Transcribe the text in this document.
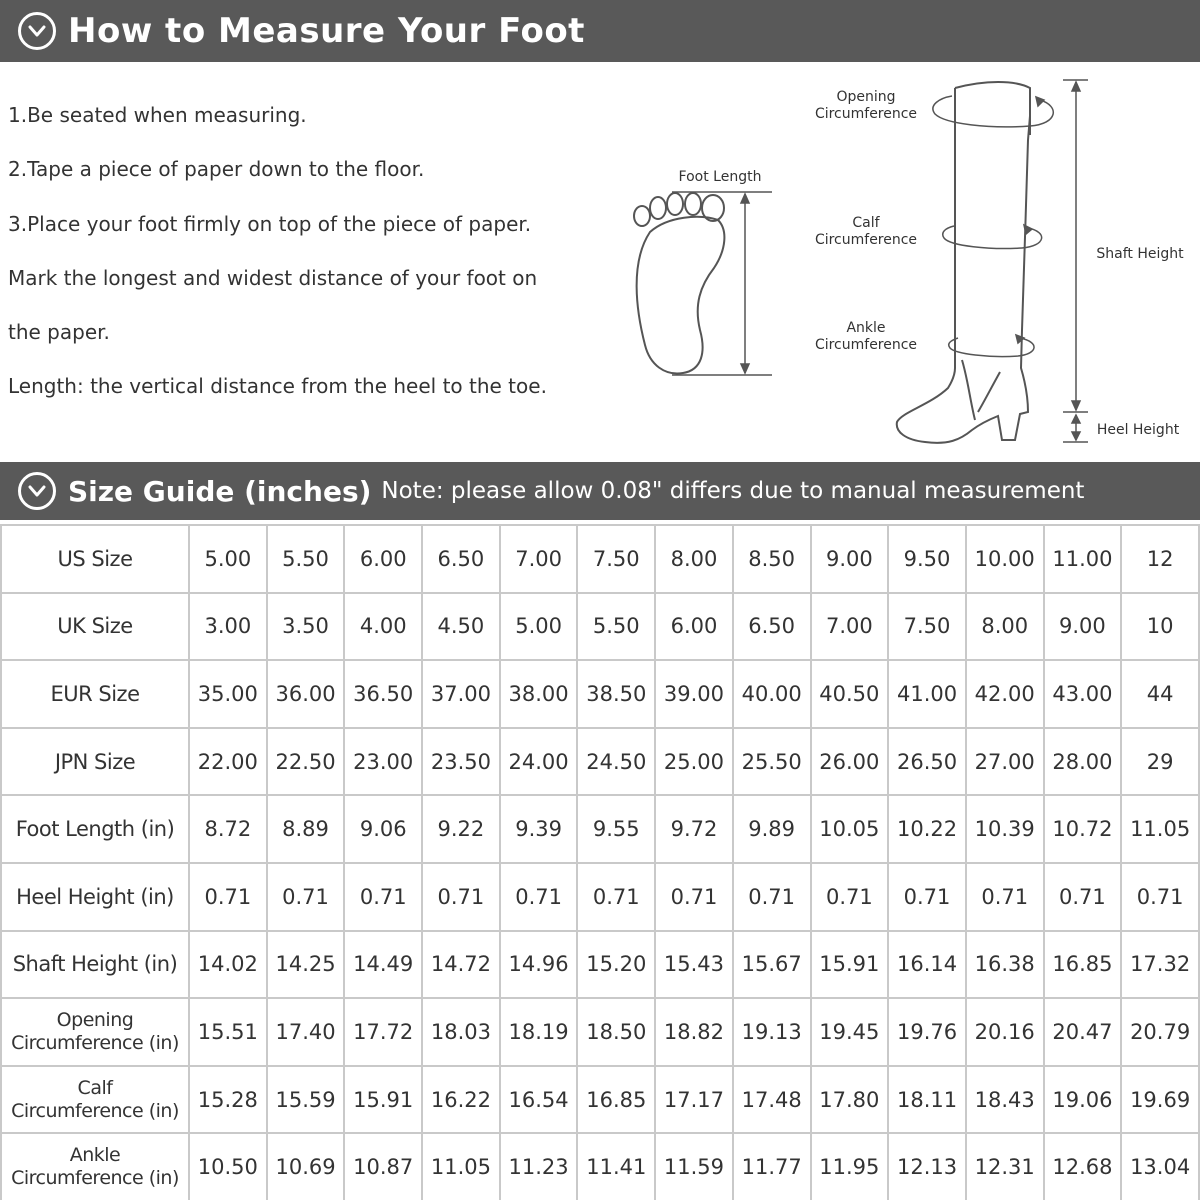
How to Measure Your Foot

1.Be seated when measuring.

2.Tape a piece of paper down to the floor.

3.Place your foot firmly on top of the piece of paper.

Mark the longest and widest distance of your foot on

the paper.

Length: the vertical distance from the heel to the toe.

Foot Length
Opening
Circumference
Calf
Circumference
Ankle
Circumference
Shaft Height
Heel Height
Size Guide (inches) Note: please allow 0.08" differs due to manual measurement
US Size	5.00	5.50	6.00	6.50	7.00	7.50	8.00	8.50	9.00	9.50	10.00	11.00	12
UK Size	3.00	3.50	4.00	4.50	5.00	5.50	6.00	6.50	7.00	7.50	8.00	9.00	10
EUR Size	35.00	36.00	36.50	37.00	38.00	38.50	39.00	40.00	40.50	41.00	42.00	43.00	44
JPN Size	22.00	22.50	23.00	23.50	24.00	24.50	25.00	25.50	26.00	26.50	27.00	28.00	29
Foot Length (in)	8.72	8.89	9.06	9.22	9.39	9.55	9.72	9.89	10.05	10.22	10.39	10.72	11.05
Heel Height (in)	0.71	0.71	0.71	0.71	0.71	0.71	0.71	0.71	0.71	0.71	0.71	0.71	0.71
Shaft Height (in)	14.02	14.25	14.49	14.72	14.96	15.20	15.43	15.67	15.91	16.14	16.38	16.85	17.32
Opening
Circumference (in)	15.51	17.40	17.72	18.03	18.19	18.50	18.82	19.13	19.45	19.76	20.16	20.47	20.79
Calf
Circumference (in)	15.28	15.59	15.91	16.22	16.54	16.85	17.17	17.48	17.80	18.11	18.43	19.06	19.69
Ankle
Circumference (in)	10.50	10.69	10.87	11.05	11.23	11.41	11.59	11.77	11.95	12.13	12.31	12.68	13.04
